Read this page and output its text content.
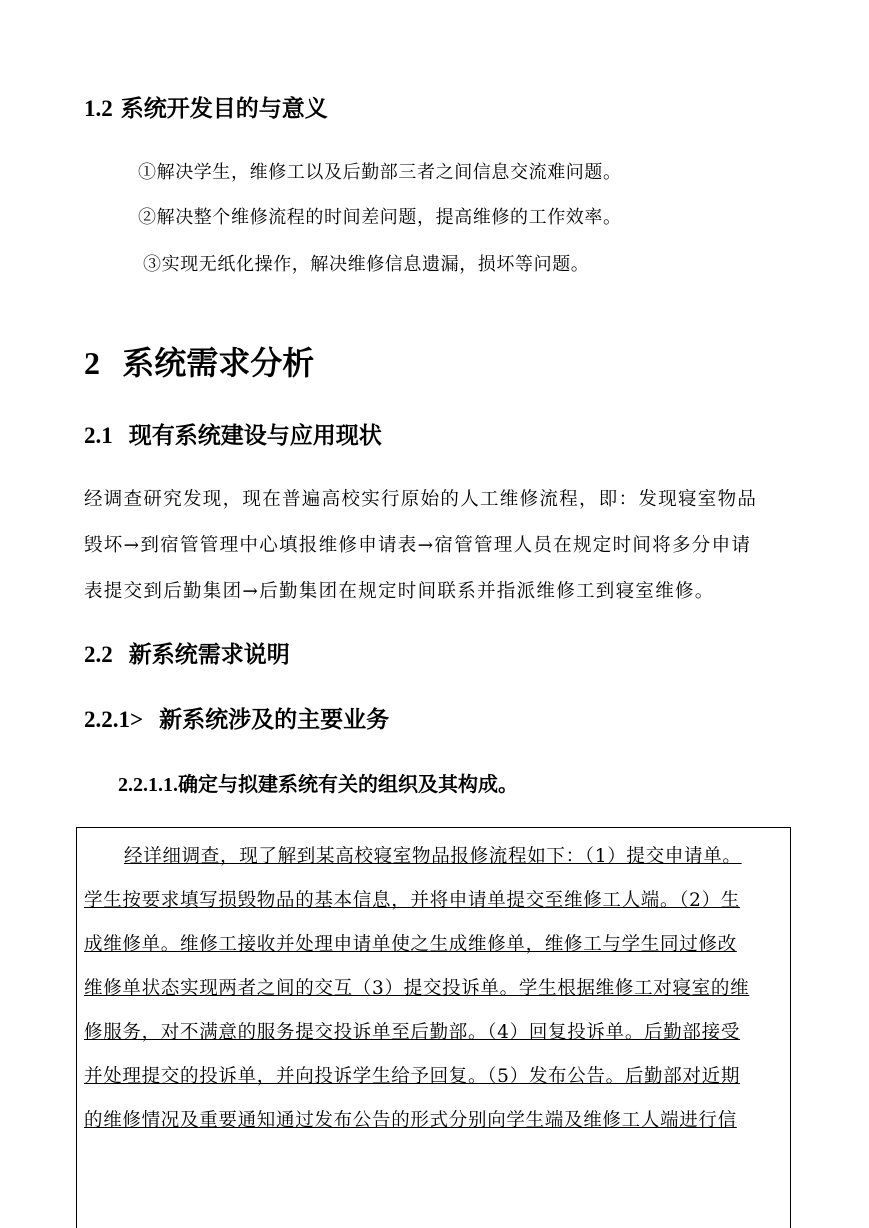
1.2 系统开发目的与意义

①解决学生，维修工以及后勤部三者之间信息交流难问题。

②解决整个维修流程的时间差问题，提高维修的工作效率。

③实现无纸化操作，解决维修信息遗漏，损坏等问题。

2 系统需求分析
2.1 现有系统建设与应用现状

经调查研究发现，现在普遍高校实行原始的人工维修流程，即：发现寝室物品

毁坏→到宿管管理中心填报维修申请表→宿管管理人员在规定时间将多分申请

表提交到后勤集团→后勤集团在规定时间联系并指派维修工到寝室维修。

2.2 新系统需求说明
2.2.1> 新系统涉及的主要业务
2.2.1.1.确定与拟建系统有关的组织及其构成。

经详细调查，现了解到某高校寝室物品报修流程如下：（1）提交申请单。

学生按要求填写损毁物品的基本信息，并将申请单提交至维修工人端。（2）生

成维修单。维修工接收并处理申请单使之生成维修单，维修工与学生同过修改

维修单状态实现两者之间的交互（3）提交投诉单。学生根据维修工对寝室的维

修服务，对不满意的服务提交投诉单至后勤部。（4）回复投诉单。后勤部接受

并处理提交的投诉单，并向投诉学生给予回复。（5）发布公告。后勤部对近期

的维修情况及重要通知通过发布公告的形式分别向学生端及维修工人端进行信
